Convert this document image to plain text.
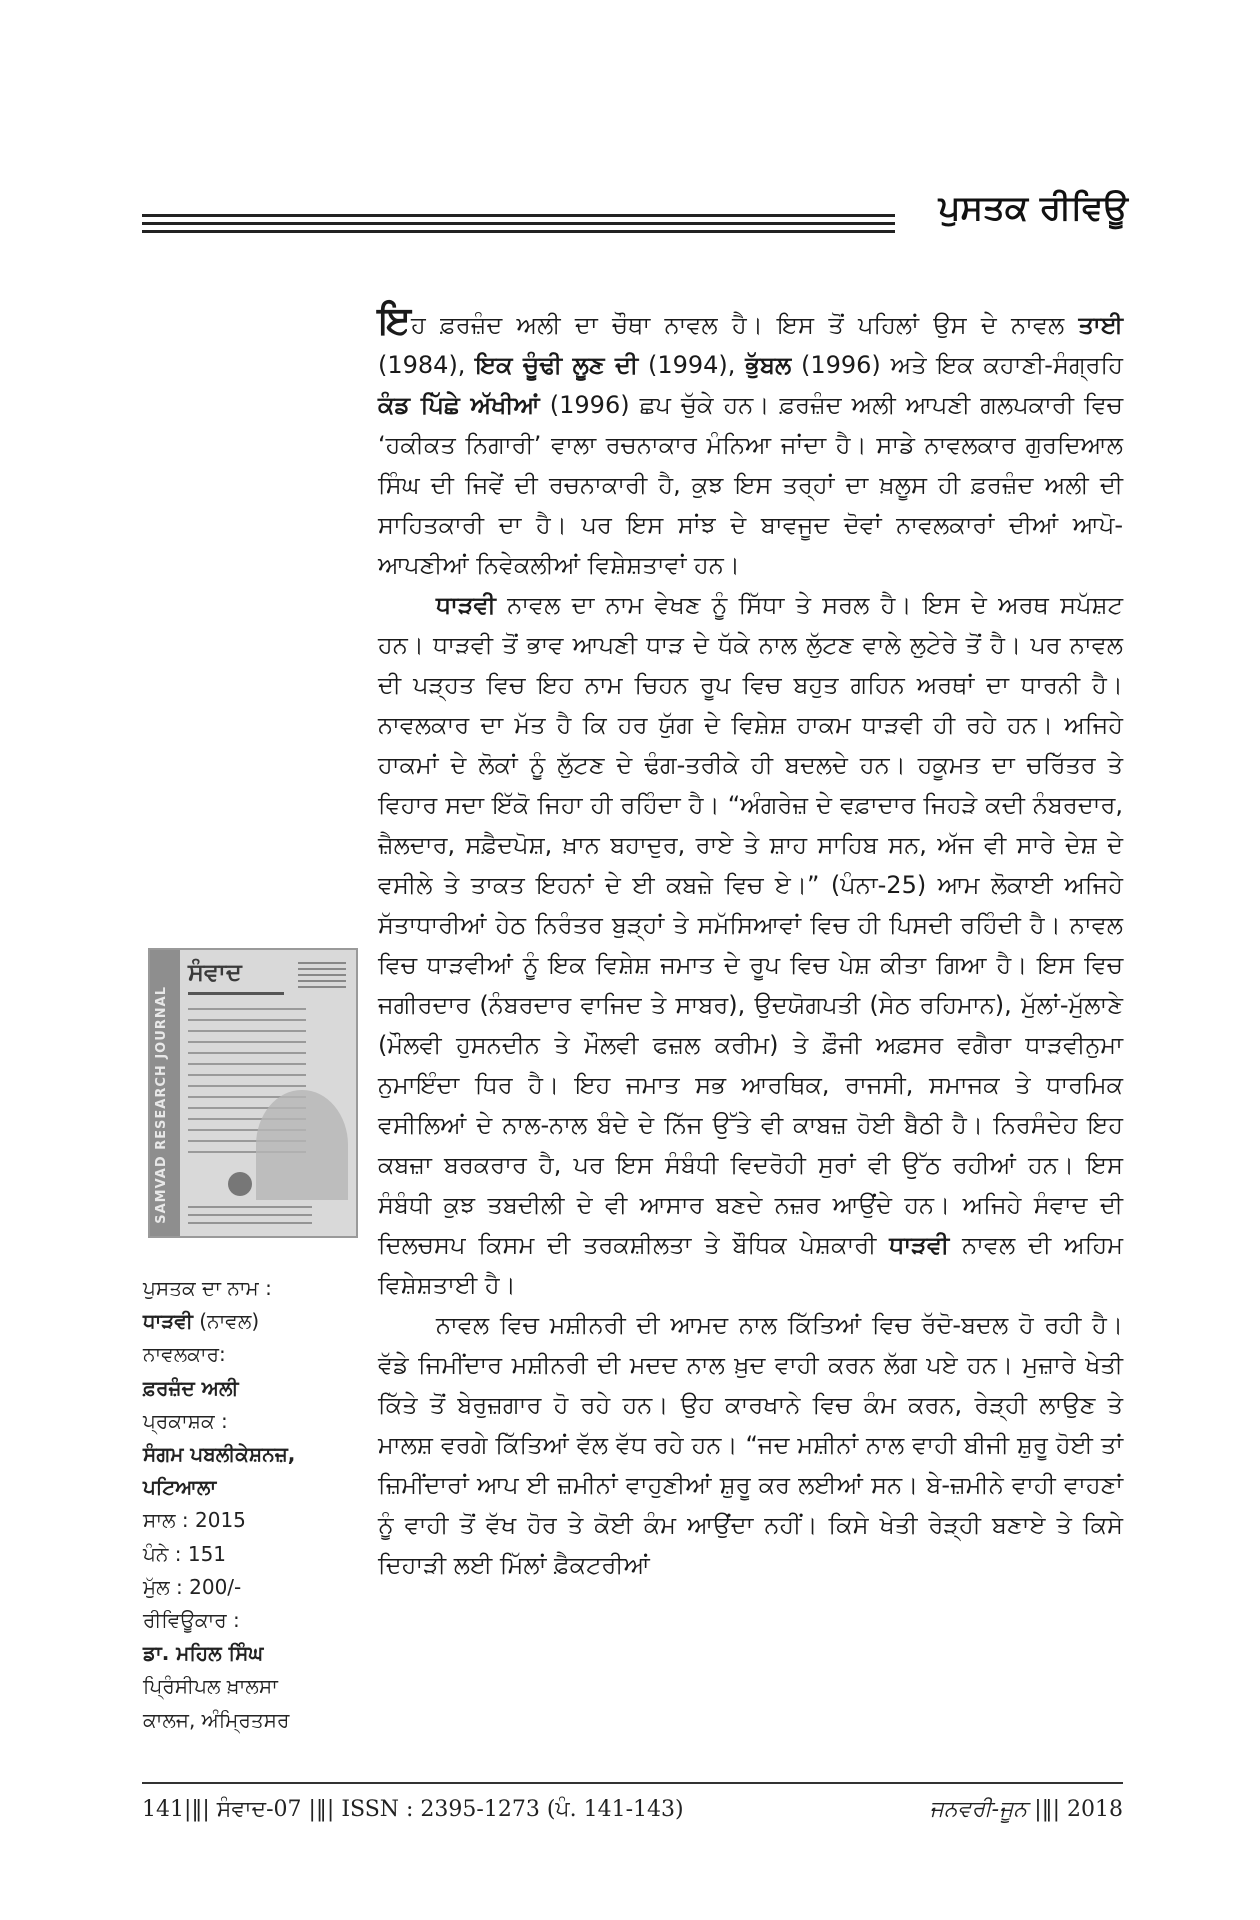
ਪੁਸਤਕ ਰੀਵਿਊ

ਇਹ ਫ਼ਰਜ਼ੰਦ ਅਲੀ ਦਾ ਚੌਥਾ ਨਾਵਲ ਹੈ। ਇਸ ਤੋਂ ਪਹਿਲਾਂ ਉਸ ਦੇ ਨਾਵਲ ਤਾਈ (1984), ਇਕ ਚੂੰਢੀ ਲੂਣ ਦੀ (1994), ਭੁੱਬਲ (1996) ਅਤੇ ਇਕ ਕਹਾਣੀ-ਸੰਗ੍ਰਹਿ ਕੰਡ ਪਿੱਛੇ ਅੱਖੀਆਂ (1996) ਛਪ ਚੁੱਕੇ ਹਨ। ਫ਼ਰਜ਼ੰਦ ਅਲੀ ਆਪਣੀ ਗਲਪਕਾਰੀ ਵਿਚ ‘ਹਕੀਕਤ ਨਿਗਾਰੀ’ ਵਾਲਾ ਰਚਨਾਕਾਰ ਮੰਨਿਆ ਜਾਂਦਾ ਹੈ। ਸਾਡੇ ਨਾਵਲਕਾਰ ਗੁਰਦਿਆਲ ਸਿੰਘ ਦੀ ਜਿਵੇਂ ਦੀ ਰਚਨਾਕਾਰੀ ਹੈ, ਕੁਝ ਇਸ ਤਰ੍ਹਾਂ ਦਾ ਖ਼ਲੂਸ ਹੀ ਫ਼ਰਜ਼ੰਦ ਅਲੀ ਦੀ ਸਾਹਿਤਕਾਰੀ ਦਾ ਹੈ। ਪਰ ਇਸ ਸਾਂਝ ਦੇ ਬਾਵਜੂਦ ਦੋਵਾਂ ਨਾਵਲਕਾਰਾਂ ਦੀਆਂ ਆਪੋ-ਆਪਣੀਆਂ ਨਿਵੇਕਲੀਆਂ ਵਿਸ਼ੇਸ਼ਤਾਵਾਂ ਹਨ।

ਧਾੜਵੀ ਨਾਵਲ ਦਾ ਨਾਮ ਵੇਖਣ ਨੂੰ ਸਿੱਧਾ ਤੇ ਸਰਲ ਹੈ। ਇਸ ਦੇ ਅਰਥ ਸਪੱਸ਼ਟ ਹਨ। ਧਾੜਵੀ ਤੋਂ ਭਾਵ ਆਪਣੀ ਧਾੜ ਦੇ ਧੱਕੇ ਨਾਲ ਲੁੱਟਣ ਵਾਲੇ ਲੁਟੇਰੇ ਤੋਂ ਹੈ। ਪਰ ਨਾਵਲ ਦੀ ਪੜ੍ਹਤ ਵਿਚ ਇਹ ਨਾਮ ਚਿਹਨ ਰੂਪ ਵਿਚ ਬਹੁਤ ਗਹਿਨ ਅਰਥਾਂ ਦਾ ਧਾਰਨੀ ਹੈ। ਨਾਵਲਕਾਰ ਦਾ ਮੱਤ ਹੈ ਕਿ ਹਰ ਯੁੱਗ ਦੇ ਵਿਸ਼ੇਸ਼ ਹਾਕਮ ਧਾੜਵੀ ਹੀ ਰਹੇ ਹਨ। ਅਜਿਹੇ ਹਾਕਮਾਂ ਦੇ ਲੋਕਾਂ ਨੂੰ ਲੁੱਟਣ ਦੇ ਢੰਗ-ਤਰੀਕੇ ਹੀ ਬਦਲਦੇ ਹਨ। ਹਕੂਮਤ ਦਾ ਚਰਿੱਤਰ ਤੇ ਵਿਹਾਰ ਸਦਾ ਇੱਕੋ ਜਿਹਾ ਹੀ ਰਹਿੰਦਾ ਹੈ। “ਅੰਗਰੇਜ਼ ਦੇ ਵਫ਼ਾਦਾਰ ਜਿਹੜੇ ਕਦੀ ਨੰਬਰਦਾਰ, ਜ਼ੈਲਦਾਰ, ਸਫ਼ੈਦਪੋਸ਼, ਖ਼ਾਨ ਬਹਾਦੁਰ, ਰਾਏ ਤੇ ਸ਼ਾਹ ਸਾਹਿਬ ਸਨ, ਅੱਜ ਵੀ ਸਾਰੇ ਦੇਸ਼ ਦੇ ਵਸੀਲੇ ਤੇ ਤਾਕਤ ਇਹਨਾਂ ਦੇ ਈ ਕਬਜ਼ੇ ਵਿਚ ਏ।” (ਪੰਨਾ-25) ਆਮ ਲੋਕਾਈ ਅਜਿਹੇ ਸੱਤਾਧਾਰੀਆਂ ਹੇਠ ਨਿਰੰਤਰ ਬੁੜ੍ਹਾਂ ਤੇ ਸਮੱਸਿਆਵਾਂ ਵਿਚ ਹੀ ਪਿਸਦੀ ਰਹਿੰਦੀ ਹੈ। ਨਾਵਲ ਵਿਚ ਧਾੜਵੀਆਂ ਨੂੰ ਇਕ ਵਿਸ਼ੇਸ਼ ਜਮਾਤ ਦੇ ਰੂਪ ਵਿਚ ਪੇਸ਼ ਕੀਤਾ ਗਿਆ ਹੈ। ਇਸ ਵਿਚ ਜਗੀਰਦਾਰ (ਨੰਬਰਦਾਰ ਵਾਜਿਦ ਤੇ ਸਾਬਰ), ਉਦਯੋਗਪਤੀ (ਸੇਠ ਰਹਿਮਾਨ), ਮੁੱਲਾਂ-ਮੁੱਲਾਣੇ (ਮੌਲਵੀ ਹੁਸਨਦੀਨ ਤੇ ਮੌਲਵੀ ਫਜ਼ਲ ਕਰੀਮ) ਤੇ ਫ਼ੌਜੀ ਅਫ਼ਸਰ ਵਗੈਰਾ ਧਾੜਵੀਨੁਮਾ ਨੁਮਾਇੰਦਾ ਧਿਰ ਹੈ। ਇਹ ਜਮਾਤ ਸਭ ਆਰਥਿਕ, ਰਾਜਸੀ, ਸਮਾਜਕ ਤੇ ਧਾਰਮਿਕ ਵਸੀਲਿਆਂ ਦੇ ਨਾਲ-ਨਾਲ ਬੰਦੇ ਦੇ ਨਿੱਜ ਉੱਤੇ ਵੀ ਕਾਬਜ਼ ਹੋਈ ਬੈਠੀ ਹੈ। ਨਿਰਸੰਦੇਹ ਇਹ ਕਬਜ਼ਾ ਬਰਕਰਾਰ ਹੈ, ਪਰ ਇਸ ਸੰਬੰਧੀ ਵਿਦਰੋਹੀ ਸੁਰਾਂ ਵੀ ਉੱਠ ਰਹੀਆਂ ਹਨ। ਇਸ ਸੰਬੰਧੀ ਕੁਝ ਤਬਦੀਲੀ ਦੇ ਵੀ ਆਸਾਰ ਬਣਦੇ ਨਜ਼ਰ ਆਉਂਦੇ ਹਨ। ਅਜਿਹੇ ਸੰਵਾਦ ਦੀ ਦਿਲਚਸਪ ਕਿਸਮ ਦੀ ਤਰਕਸ਼ੀਲਤਾ ਤੇ ਬੌਧਿਕ ਪੇਸ਼ਕਾਰੀ ਧਾੜਵੀ ਨਾਵਲ ਦੀ ਅਹਿਮ ਵਿਸ਼ੇਸ਼ਤਾਈ ਹੈ।

ਨਾਵਲ ਵਿਚ ਮਸ਼ੀਨਰੀ ਦੀ ਆਮਦ ਨਾਲ ਕਿੱਤਿਆਂ ਵਿਚ ਰੱਦੋ-ਬਦਲ ਹੋ ਰਹੀ ਹੈ। ਵੱਡੇ ਜਿਮੀਂਦਾਰ ਮਸ਼ੀਨਰੀ ਦੀ ਮਦਦ ਨਾਲ ਖ਼ੁਦ ਵਾਹੀ ਕਰਨ ਲੱਗ ਪਏ ਹਨ। ਮੁਜ਼ਾਰੇ ਖੇਤੀ ਕਿੱਤੇ ਤੋਂ ਬੇਰੁਜ਼ਗਾਰ ਹੋ ਰਹੇ ਹਨ। ਉਹ ਕਾਰਖਾਨੇ ਵਿਚ ਕੰਮ ਕਰਨ, ਰੇੜ੍ਹੀ ਲਾਉਣ ਤੇ ਮਾਲਸ਼ ਵਰਗੇ ਕਿੱਤਿਆਂ ਵੱਲ ਵੱਧ ਰਹੇ ਹਨ। “ਜਦ ਮਸ਼ੀਨਾਂ ਨਾਲ ਵਾਹੀ ਬੀਜੀ ਸ਼ੁਰੂ ਹੋਈ ਤਾਂ ਜ਼ਿਮੀਂਦਾਰਾਂ ਆਪ ਈ ਜ਼ਮੀਨਾਂ ਵਾਹੁਣੀਆਂ ਸ਼ੁਰੂ ਕਰ ਲਈਆਂ ਸਨ। ਬੇ-ਜ਼ਮੀਨੇ ਵਾਹੀ ਵਾਹਣਾਂ ਨੂੰ ਵਾਹੀ ਤੋਂ ਵੱਖ ਹੋਰ ਤੇ ਕੋਈ ਕੰਮ ਆਉਂਦਾ ਨਹੀਂ। ਕਿਸੇ ਖੇਤੀ ਰੇੜ੍ਹੀ ਬਣਾਏ ਤੇ ਕਿਸੇ ਦਿਹਾੜੀ ਲਈ ਮਿੱਲਾਂ ਫ਼ੈਕਟਰੀਆਂ

SAMVAD RESEARCH JOURNAL
ਸੰਵਾਦ
ਪੁਸਤਕ ਦਾ ਨਾਮ :
ਧਾੜਵੀ (ਨਾਵਲ)
ਨਾਵਲਕਾਰ:
ਫ਼ਰਜ਼ੰਦ ਅਲੀ
ਪ੍ਰਕਾਸ਼ਕ :
ਸੰਗਮ ਪਬਲੀਕੇਸ਼ਨਜ਼,
ਪਟਿਆਲਾ
ਸਾਲ : 2015
ਪੰਨੇ : 151
ਮੁੱਲ : 200/-
ਰੀਵਿਊਕਾਰ :
ਡਾ. ਮਹਿਲ ਸਿੰਘ
ਪ੍ਰਿੰਸੀਪਲ ਖ਼ਾਲਸਾ
ਕਾਲਜ, ਅੰਮ੍ਰਿਤਸਰ
141|‖| ਸੰਵਾਦ-07 |‖| ISSN : 2395-1273 (ਪੰ. 141-143)	ਜਨਵਰੀ-ਜੂਨ |‖| 2018
